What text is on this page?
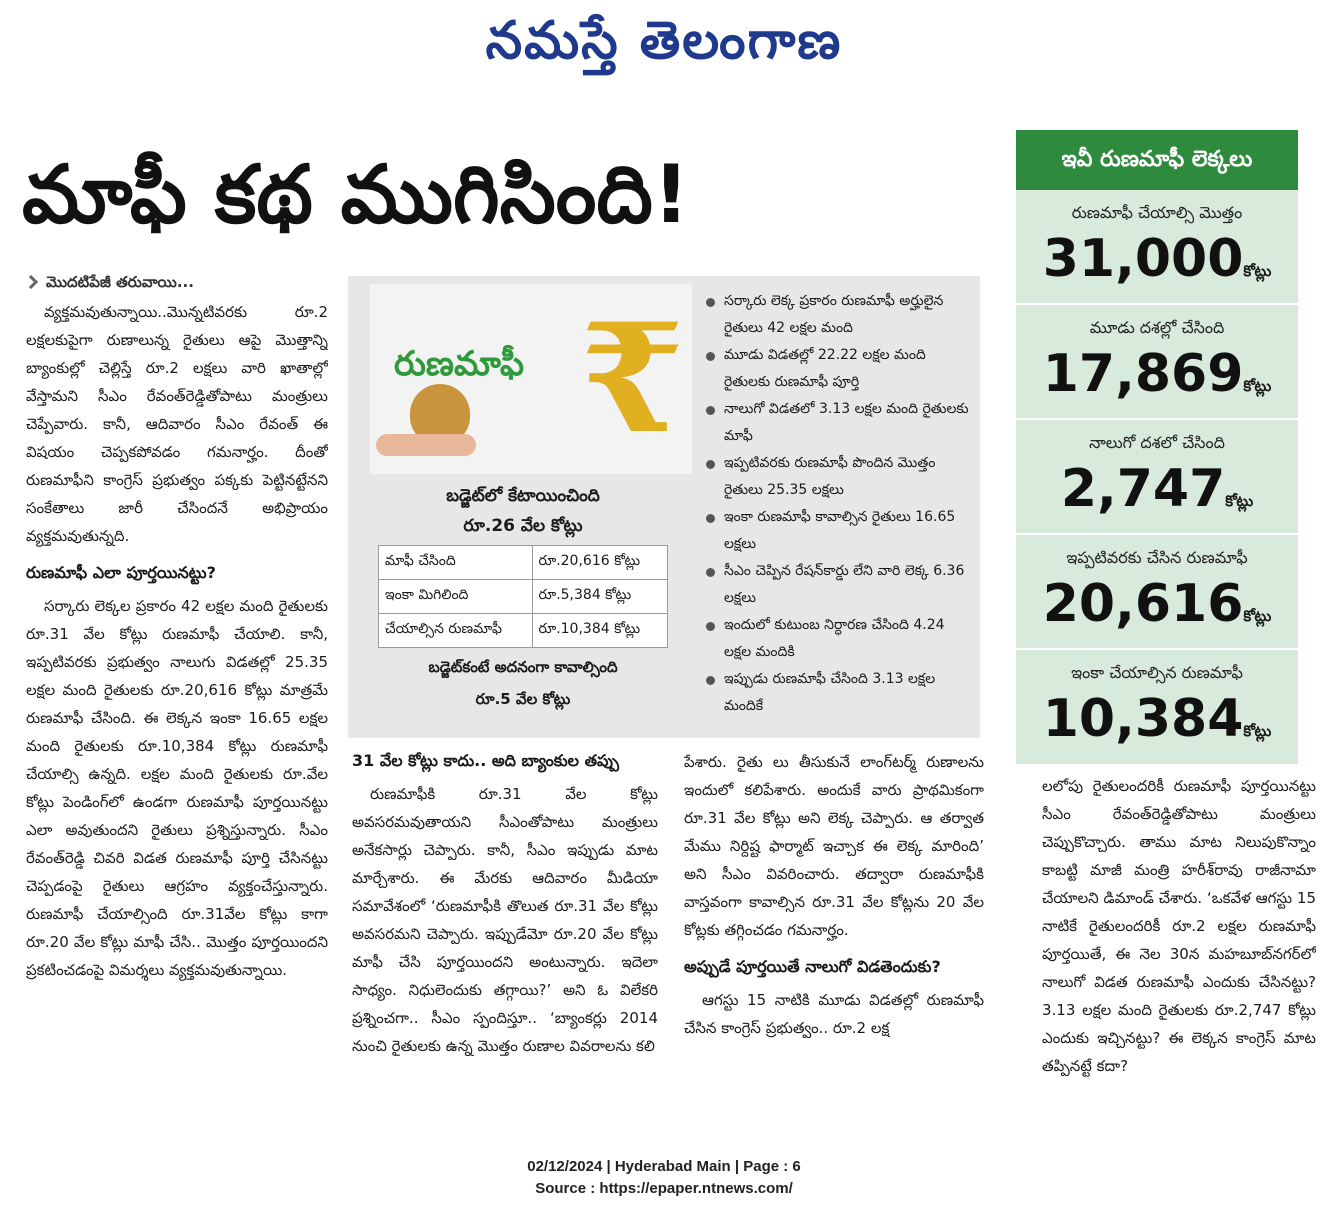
నమస్తే తెలంగాణ
మాఫీ కథ ముగిసింది!
మొదటిపేజీ తరువాయి...

వ్యక్తమవుతున్నాయి..మొన్నటివరకు రూ.2 లక్షలకుపైగా రుణాలున్న రైతులు ఆపై మొత్తాన్ని బ్యాంకుల్లో చెల్లిస్తే రూ.2 లక్షలు వారి ఖాతాల్లో వేస్తామని సీఎం రేవంత్‌రెడ్డితోపాటు మంత్రులు చెప్పేవారు. కానీ, ఆదివారం సీఎం రేవంత్ ఈ విషయం చెప్పకపోవడం గమనార్హం. దీంతో రుణమాఫీని కాంగ్రెస్ ప్రభుత్వం పక్కకు పెట్టినట్టేనని సంకేతాలు జారీ చేసిందనే అభిప్రాయం వ్యక్తమవుతున్నది.

రుణమాఫీ ఎలా పూర్తయినట్టు?

సర్కారు లెక్కల ప్రకారం 42 లక్షల మంది రైతులకు రూ.31 వేల కోట్లు రుణమాఫీ చేయాలి. కానీ, ఇప్పటివరకు ప్రభుత్వం నాలుగు విడతల్లో 25.35 లక్షల మంది రైతులకు రూ.20,616 కోట్లు మాత్రమే రుణమాఫీ చేసింది. ఈ లెక్కన ఇంకా 16.65 లక్షల మంది రైతులకు రూ.10,384 కోట్లు రుణమాఫీ చేయాల్సి ఉన్నది. లక్షల మంది రైతులకు రూ.వేల కోట్లు పెండింగ్‌లో ఉండగా రుణమాఫీ పూర్తయినట్టు ఎలా అవుతుందని రైతులు ప్రశ్నిస్తున్నారు. సీఎం రేవంత్‌రెడ్డి చివరి విడత రుణమాఫీ పూర్తి చేసినట్టు చెప్పడంపై రైతులు ఆగ్రహం వ్యక్తంచేస్తున్నారు. రుణమాఫీ చేయాల్సింది రూ.31వేల కోట్లు కాగా రూ.20 వేల కోట్లు మాఫీ చేసి.. మొత్తం పూర్తయిందని ప్రకటించడంపై విమర్శలు వ్యక్తమవుతున్నాయి.

రుణమాఫీ ₹
బడ్జెట్‌లో కేటాయించింది
రూ.26 వేల కోట్లు
మాఫీ చేసింది	రూ.20,616 కోట్లు
ఇంకా మిగిలింది	రూ.5,384 కోట్లు
చేయాల్సిన రుణమాఫీ	రూ.10,384 కోట్లు
బడ్జెట్‌కంటే అదనంగా కావాల్సింది
రూ.5 వేల కోట్లు
సర్కారు లెక్క ప్రకారం రుణమాఫీ అర్హులైన రైతులు 42 లక్షల మంది
మూడు విడతల్లో 22.22 లక్షల మంది రైతులకు రుణమాఫీ పూర్తి
నాలుగో విడతలో 3.13 లక్షల మంది రైతులకు మాఫీ
ఇప్పటివరకు రుణమాఫీ పొందిన మొత్తం రైతులు 25.35 లక్షలు
ఇంకా రుణమాఫీ కావాల్సిన రైతులు 16.65 లక్షలు
సీఎం చెప్పిన రేషన్‌కార్డు లేని వారి లెక్క 6.36 లక్షలు
ఇందులో కుటుంబ నిర్ధారణ చేసింది 4.24 లక్షల మందికి
ఇప్పుడు రుణమాఫీ చేసింది 3.13 లక్షల మందికే
31 వేల కోట్లు కాదు.. అది బ్యాంకుల తప్పు

రుణమాఫీకి రూ.31 వేల కోట్లు అవసరమవుతాయని సీఎంతోపాటు మంత్రులు అనేకసార్లు చెప్పారు. కానీ, సీఎం ఇప్పుడు మాట మార్చేశారు. ఈ మేరకు ఆదివారం మీడియా సమావేశంలో ‘రుణమాఫీకి తొలుత రూ.31 వేల కోట్లు అవసరమని చెప్పారు. ఇప్పుడేమో రూ.20 వేల కోట్లు మాఫీ చేసి పూర్తయిందని అంటున్నారు. ఇదెలా సాధ్యం. నిధులెందుకు తగ్గాయి?’ అని ఓ విలేకరి ప్రశ్నించగా.. సీఎం స్పందిస్తూ.. ‘బ్యాంకర్లు 2014 నుంచి రైతులకు ఉన్న మొత్తం రుణాల వివరాలను కలి

పేశారు. రైతు లు తీసుకునే లాంగ్‌టర్మ్ రుణాలను ఇందులో కలిపేశారు. అందుకే వారు ప్రాథమికంగా రూ.31 వేల కోట్లు అని లెక్క చెప్పారు. ఆ తర్వాత మేము నిర్దిష్ట ఫార్మాట్ ఇచ్చాక ఈ లెక్క మారింది’ అని సీఎం వివరించారు. తద్వారా రుణమాఫీకి వాస్తవంగా కావాల్సిన రూ.31 వేల కోట్లను 20 వేల కోట్లకు తగ్గించడం గమనార్హం.

అప్పుడే పూర్తయితే నాలుగో విడతెందుకు?

ఆగస్టు 15 నాటికి మూడు విడతల్లో రుణమాఫీ చేసిన కాంగ్రెస్ ప్రభుత్వం.. రూ.2 లక్ష

ఇవీ రుణమాఫీ లెక్కలు
రుణమాఫీ చేయాల్సి మొత్తం
31,000కోట్లు
మూడు దశల్లో చేసింది
17,869కోట్లు
నాలుగో దశలో చేసింది
2,747కోట్లు
ఇప్పటివరకు చేసిన రుణమాఫీ
20,616కోట్లు
ఇంకా చేయాల్సిన రుణమాఫీ
10,384కోట్లు

లలోపు రైతులందరికీ రుణమాఫీ పూర్తయినట్టు సీఎం రేవంత్‌రెడ్డితోపాటు మంత్రులు చెప్పుకొచ్చారు. తాము మాట నిలుపుకొన్నాం కాబట్టి మాజీ మంత్రి హరీశ్‌రావు రాజీనామా చేయాలని డిమాండ్ చేశారు. ‘ఒకవేళ ఆగస్టు 15 నాటికే రైతులందరికీ రూ.2 లక్షల రుణమాఫీ పూర్తయితే, ఈ నెల 30న మహబూబ్‌నగర్‌లో నాలుగో విడత రుణమాఫీ ఎందుకు చేసినట్టు? 3.13 లక్షల మంది రైతులకు రూ.2,747 కోట్లు ఎందుకు ఇచ్చినట్టు? ఈ లెక్కన కాంగ్రెస్ మాట తప్పినట్టే కదా?

02/12/2024 | Hyderabad Main | Page : 6
Source : https://epaper.ntnews.com/
